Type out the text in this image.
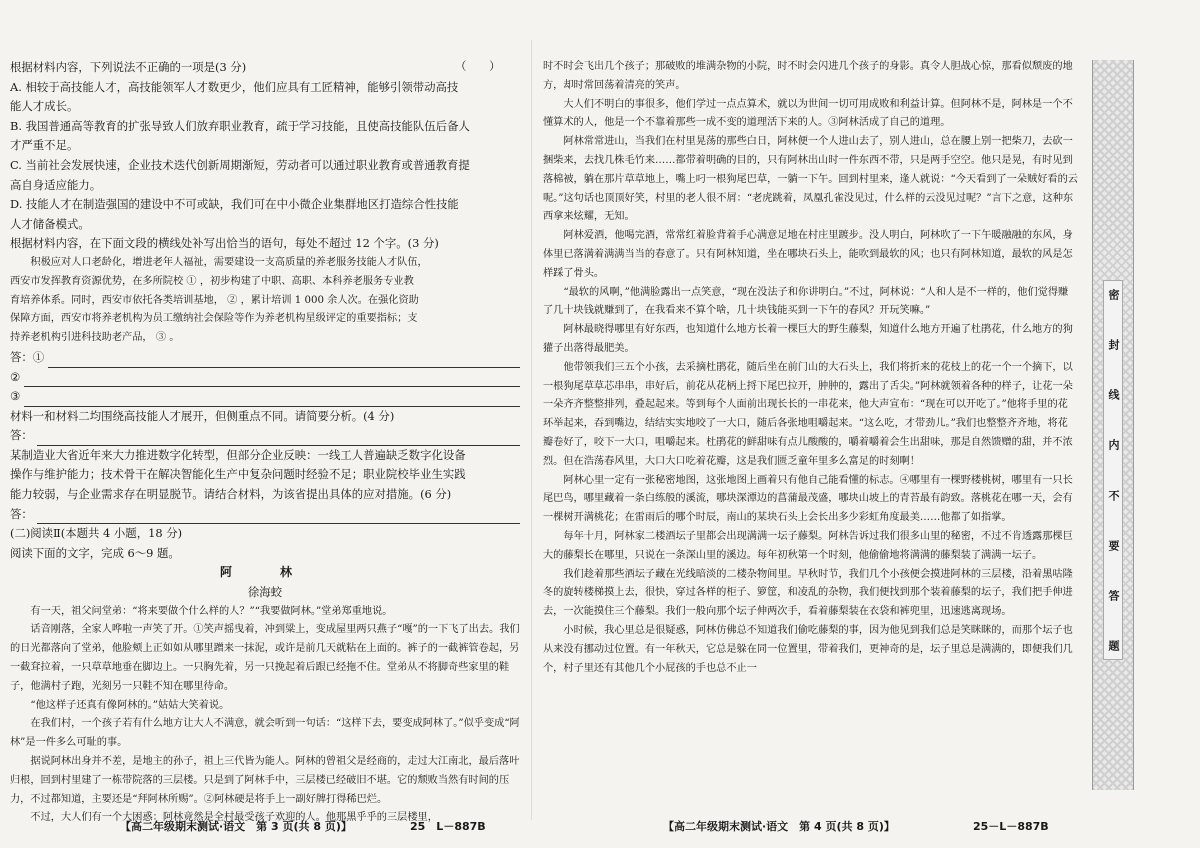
（　　）

根据材料内容，下列说法不正确的一项是(3 分)

A. 相较于高技能人才，高技能领军人才数更少，他们应具有工匠精神，能够引领带动高技

能人才成长。

B. 我国普通高等教育的扩张导致人们放弃职业教育，疏于学习技能，且使高技能队伍后备人

才严重不足。

C. 当前社会发展快速，企业技术迭代创新周期渐短，劳动者可以通过职业教育或普通教育提

高自身适应能力。

D. 技能人才在制造强国的建设中不可或缺，我们可在中小微企业集群地区打造综合性技能

人才储备模式。

根据材料内容，在下面文段的横线处补写出恰当的语句，每处不超过 12 个字。(3 分)

积极应对人口老龄化，增进老年人福祉，需要建设一支高质量的养老服务技能人才队伍，

西安市发挥教育资源优势，在多所院校 ① ，初步构建了中职、高职、本科养老服务专业教

育培养体系。同时，西安市依托各类培训基地， ② ，累计培训 1 000 余人次。在强化资助

保障方面，西安市将养老机构为员工缴纳社会保险等作为养老机构星级评定的重要指标；支

持养老机构引进科技助老产品， ③ 。

答：①
②
③

材料一和材料二均围绕高技能人才展开，但侧重点不同。请简要分析。(4 分)

答：

某制造业大省近年来大力推进数字化转型，但部分企业反映：一线工人普遍缺乏数字化设备

操作与维护能力；技术骨干在解决智能化生产中复杂问题时经验不足；职业院校毕业生实践

能力较弱，与企业需求存在明显脱节。请结合材料，为该省提出具体的应对措施。(6 分)

答：

(二)阅读Ⅱ(本题共 4 小题，18 分)

阅读下面的文字，完成 6～9 题。

阿　林

徐海蛟

有一天，祖父问堂弟：“将来要做个什么样的人？”“我要做阿林。”堂弟郑重地说。

话音刚落，全家人哗啦一声笑了开。①笑声摇曳着，冲到粱上，变成屋里两只燕子“嘎”的一下飞了出去。我们的日光都落向了堂弟，他脸颊上正如如从哪里蹭来一抹泥，或许是前几天就粘在上面的。裤子的一截裤管卷起，另一截耷拉着，一只草草地垂在脚边上。一只胸先着，另一只挽起着后跟已经拖不住。堂弟从不将脚奇些家里的鞋子，他满村子跑，光刻另一只鞋不知在哪里待命。

“他这样子还真有像阿林的。”姑姑大笑着说。

在我们村，一个孩子若有什么地方让大人不满意，就会听到一句话：“这样下去，要变成阿林了。”似乎变成“阿林”是一件多么可耻的事。

据说阿林出身并不差，是地主的孙子，祖上三代皆为能人。阿林的曾祖父是经商的，走过大江南北，最后落叶归根，回到村里建了一栋带院落的三层楼。只是到了阿林手中，三层楼已经破旧不堪。它的颓败当然有时间的压力，不过都知道，主要还是“拜阿林所赐”。②阿林硬是将手上一副好牌打得稀巴烂。

不过，大人们有一个大困惑：阿林竟然是全村最受孩子欢迎的人。他那黑乎乎的三层楼里，

【高二年级期末测试·语文　第 3 页(共 8 页)】	25　L－887B

时不时会飞出几个孩子；那破败的堆满杂物的小院，时不时会闪进几个孩子的身影。真令人胆战心惊，那看似颓废的地方，却时常回荡着清亮的笑声。

大人们不明白的事很多，他们学过一点点算术，就以为世间一切可用成败和利益计算。但阿林不是，阿林是一个不懂算术的人，他是一个不靠着那些一成不变的道理活下来的人。③阿林活成了自己的道理。

阿林常常进山，当我们在村里晃荡的那些白日，阿林便一个人进山去了，别人进山，总在腰上别一把柴刀，去砍一捆柴来，去找几株毛竹来……都带着明确的目的，只有阿林出山时一件东西不带，只是两手空空。他只是晃，有时见到落棉被，躺在那片草草地上，嘴上叼一根狗尾巴草，一躺一下午。回到村里来，逢人就说：“今天看到了一朵贼好看的云呢。”这句话也顶顶好笑，村里的老人很不屑：“老虎跳着，凤凰孔雀没见过，什么样的云没见过呢？”言下之意，这种东西拿来炫耀，无知。

阿林爱酒，他喝完酒，常常红着脸背着手心满意足地在村庄里踱步。没人明白，阿林吹了一下午暖融融的东风，身体里已落满着满满当当的春意了。只有阿林知道，坐在哪块石头上，能吹到最软的风；也只有阿林知道，最软的风是怎样踩了骨头。

“最软的风啊，”他满脸露出一点笑意，“现在没法子和你讲明白。”不过，阿林说：“人和人是不一样的，他们觉得赚了几十块钱就赚到了，在我看来不算个啥，几十块钱能买到一下午的春风？开玩笑嘛。”

阿林最晓得哪里有好东西，也知道什么地方长着一棵巨大的野生藤梨，知道什么地方开遍了杜鹃花，什么地方的狗獾子出落得最肥美。

他带领我们三五个小孩，去采摘杜鹃花，随后坐在前门山的大石头上，我们将折来的花枝上的花一个一个摘下，以一根狗尾草草芯串串，串好后，前花从花柄上捋下尾巴拉开，肿肿的，露出了舌尖。”阿林就领着各种的样子，让花一朵一朵齐齐整整排列，叠起起来。等到每个人面前出现长长的一串花来，他大声宣布：“现在可以开吃了。”他将手里的花环举起来，吞到嘴边，结结实实地咬了一大口，随后各张地咀嚼起来。“这么吃，才带劲儿。”我们也整整齐齐地，将花瓣卷好了，咬下一大口，咀嚼起来。杜鹃花的鲜甜味有点儿酸酸的，嚼着嚼着会生出甜味，那是自然馈赠的甜，并不浓烈。但在浩荡春风里，大口大口吃着花瓣，这是我们匮乏童年里多么富足的时刻啊！

阿林心里一定有一张秘密地图，这张地图上画着只有他自己能看懂的标志。④哪里有一棵野楼桃树，哪里有一只长尾巴鸟，哪里藏着一条白练般的溪流，哪块深潭边的菖蒲最茂盛，哪块山坡上的青苔最有韵致。落桃花在哪一天，会有一棵树开满桃花；在雷雨后的哪个时辰，南山的某块石头上会长出多少彩虹角度最美……他都了如指掌。

每年十月，阿林家二楼酒坛子里都会出现满满一坛子藤梨。阿林告诉过我们很多山里的秘密，不过不肯透露那棵巨大的藤梨长在哪里，只说在一条深山里的溪边。每年初秋第一个时刻，他偷偷地将满满的藤梨装了满满一坛子。

我们趁着那些酒坛子藏在光线暗淡的二楼杂物间里。早秋时节，我们几个小孩便会摸进阿林的三层楼，沿着黑咕隆冬的旋转楼梯摸上去，很快，穿过各样的柜子、箩筐，和凌乱的杂物，我们便找到那个装着藤梨的坛子，我们把手伸进去，一次能摸住三个藤梨。我们一般向那个坛子伸两次手，看着藤梨装在衣袋和裤兜里，迅速逃离现场。

小时候，我心里总是很疑惑，阿林仿佛总不知道我们偷吃藤梨的事，因为他见到我们总是笑眯眯的，而那个坛子也从来没有挪动过位置。有一年秋天，它总是躲在同一位置里，带着我们，更神奇的是，坛子里总是满满的，即便我们几个，村子里还有其他几个小屁孩的手也总不止一

【高二年级期末测试·语文　第 4 页(共 8 页)】	25－L－887B
密
封
线
内
不
要
答
题
